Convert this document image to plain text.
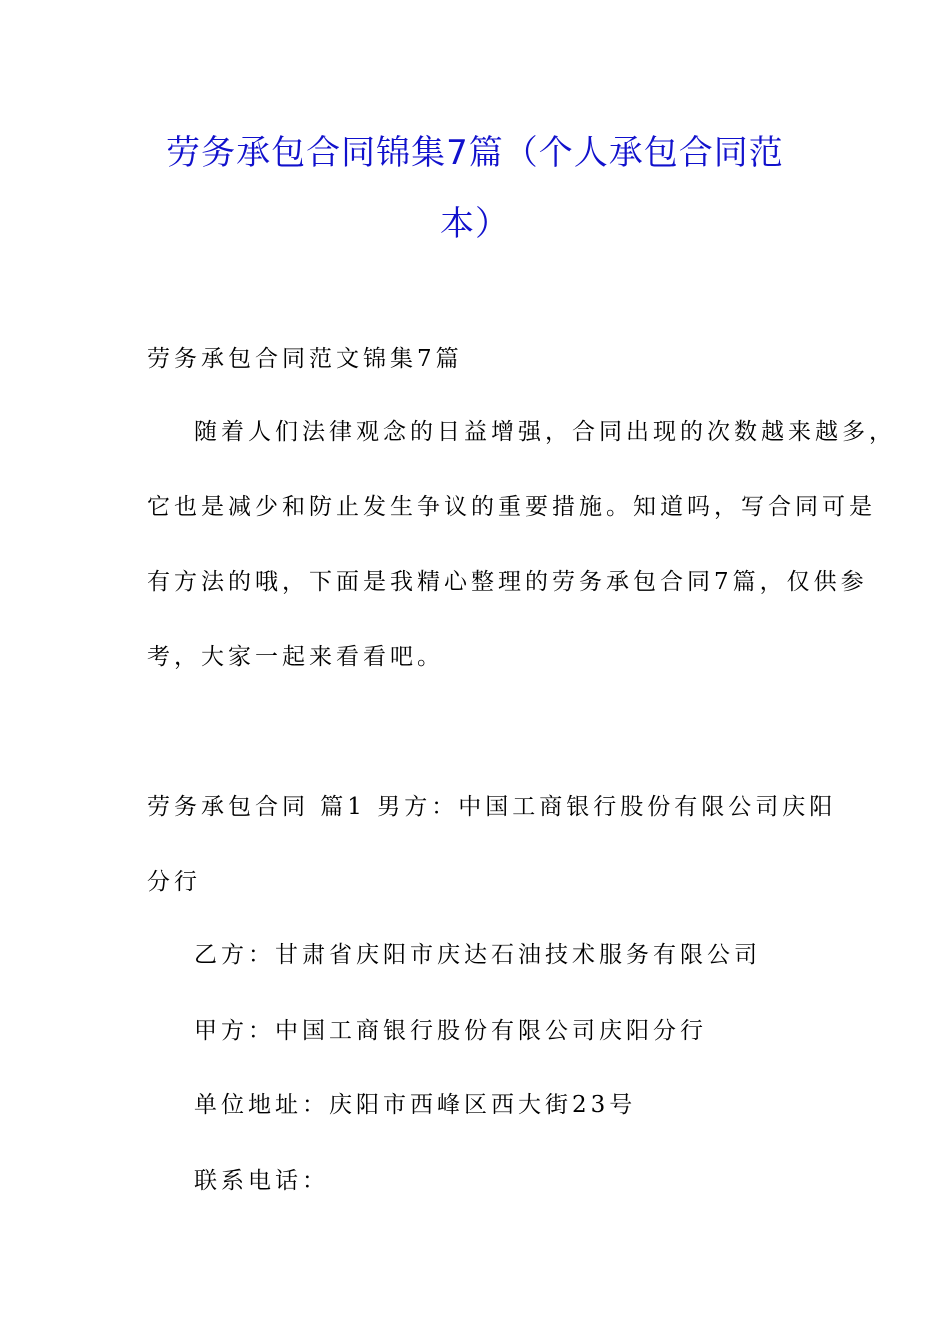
劳务承包合同锦集7篇（个人承包合同范
本）
劳务承包合同范文锦集7篇
随着人们法律观念的日益增强，合同出现的次数越来越多，
它也是减少和防止发生争议的重要措施。知道吗，写合同可是
有方法的哦，下面是我精心整理的劳务承包合同7篇，仅供参
考，大家一起来看看吧。
劳务承包合同 篇1 男方：中国工商银行股份有限公司庆阳
分行
乙方：甘肃省庆阳市庆达石油技术服务有限公司
甲方：中国工商银行股份有限公司庆阳分行
单位地址：庆阳市西峰区西大街23号
联系电话：
